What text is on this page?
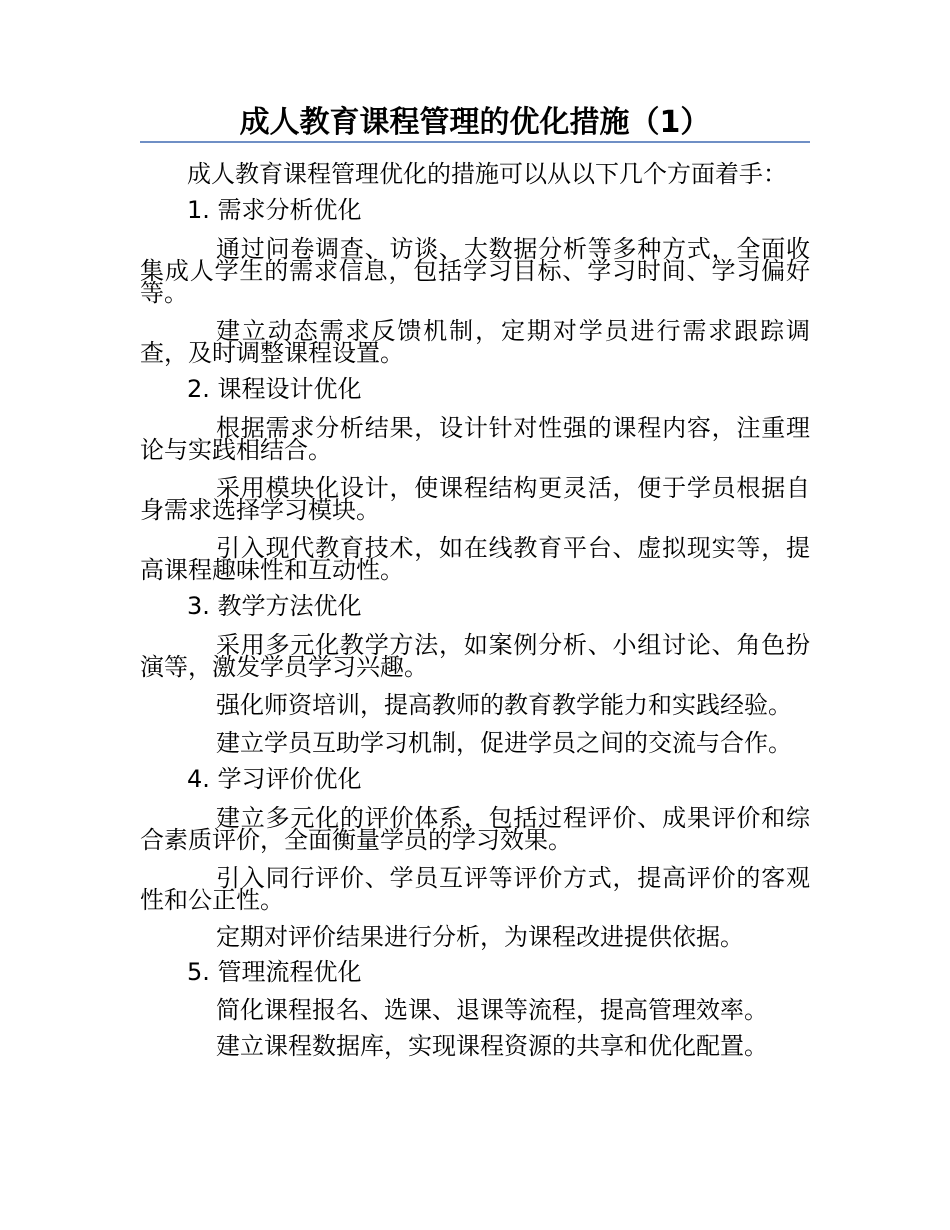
成人教育课程管理的优化措施（1）

成人教育课程管理优化的措施可以从以下几个方面着手：

1. 需求分析优化

通过问卷调查、访谈、大数据分析等多种方式，全面收集成人学生的需求信息，包括学习目标、学习时间、学习偏好等。

建立动态需求反馈机制，定期对学员进行需求跟踪调查，及时调整课程设置。

2. 课程设计优化

根据需求分析结果，设计针对性强的课程内容，注重理论与实践相结合。

采用模块化设计，使课程结构更灵活，便于学员根据自身需求选择学习模块。

引入现代教育技术，如在线教育平台、虚拟现实等，提高课程趣味性和互动性。

3. 教学方法优化

采用多元化教学方法，如案例分析、小组讨论、角色扮演等，激发学员学习兴趣。

强化师资培训，提高教师的教育教学能力和实践经验。

建立学员互助学习机制，促进学员之间的交流与合作。

4. 学习评价优化

建立多元化的评价体系，包括过程评价、成果评价和综合素质评价，全面衡量学员的学习效果。

引入同行评价、学员互评等评价方式，提高评价的客观性和公正性。

定期对评价结果进行分析，为课程改进提供依据。

5. 管理流程优化

简化课程报名、选课、退课等流程，提高管理效率。

建立课程数据库，实现课程资源的共享和优化配置。
